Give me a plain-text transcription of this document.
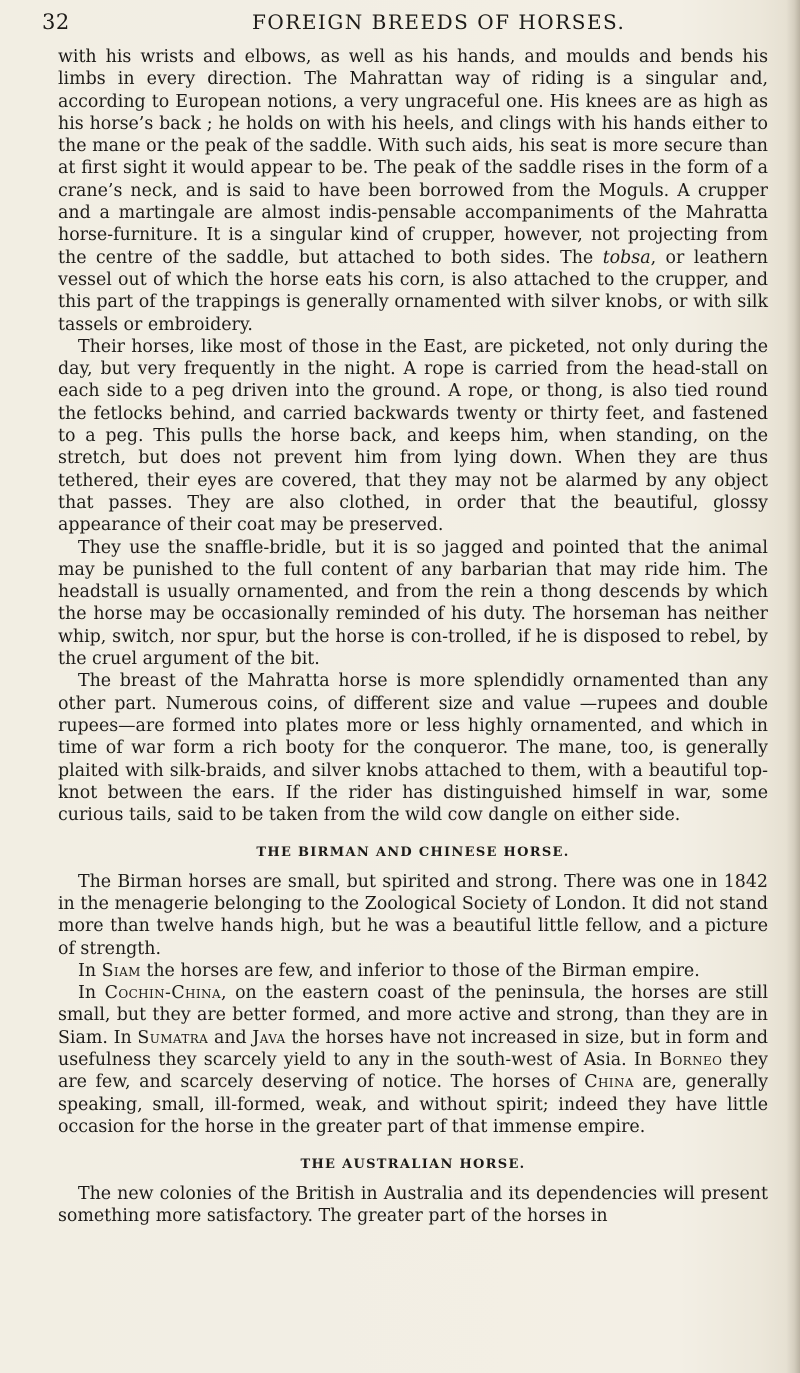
32	FOREIGN BREEDS OF HORSES.

with his wrists and elbows, as well as his hands, and moulds and bends his limbs in every direction. The Mahrattan way of riding is a singular and, according to European notions, a very ungraceful one. His knees are as high as his horse’s back ; he holds on with his heels, and clings with his hands either to the mane or the peak of the saddle. With such aids, his seat is more secure than at first sight it would appear to be. The peak of the saddle rises in the form of a crane’s neck, and is said to have been borrowed from the Moguls. A crupper and a martingale are almost indis-pensable accompaniments of the Mahratta horse-furniture. It is a singular kind of crupper, however, not projecting from the centre of the saddle, but attached to both sides. The tobsa, or leathern vessel out of which the horse eats his corn, is also attached to the crupper, and this part of the trappings is generally ornamented with silver knobs, or with silk tassels or embroidery.

Their horses, like most of those in the East, are picketed, not only during the day, but very frequently in the night. A rope is carried from the head-stall on each side to a peg driven into the ground. A rope, or thong, is also tied round the fetlocks behind, and carried backwards twenty or thirty feet, and fastened to a peg. This pulls the horse back, and keeps him, when standing, on the stretch, but does not prevent him from lying down. When they are thus tethered, their eyes are covered, that they may not be alarmed by any object that passes. They are also clothed, in order that the beautiful, glossy appearance of their coat may be preserved.

They use the snaffle-bridle, but it is so jagged and pointed that the animal may be punished to the full content of any barbarian that may ride him. The headstall is usually ornamented, and from the rein a thong descends by which the horse may be occasionally reminded of his duty. The horseman has neither whip, switch, nor spur, but the horse is con-trolled, if he is disposed to rebel, by the cruel argument of the bit.

The breast of the Mahratta horse is more splendidly ornamented than any other part. Numerous coins, of different size and value —rupees and double rupees—are formed into plates more or less highly ornamented, and which in time of war form a rich booty for the conqueror. The mane, too, is generally plaited with silk-braids, and silver knobs attached to them, with a beautiful top-knot between the ears. If the rider has distinguished himself in war, some curious tails, said to be taken from the wild cow dangle on either side.

THE BIRMAN AND CHINESE HORSE.

The Birman horses are small, but spirited and strong. There was one in 1842 in the menagerie belonging to the Zoological Society of London. It did not stand more than twelve hands high, but he was a beautiful little fellow, and a picture of strength.

In Siam the horses are few, and inferior to those of the Birman empire.

In Cochin-China, on the eastern coast of the peninsula, the horses are still small, but they are better formed, and more active and strong, than they are in Siam. In Sumatra and Java the horses have not increased in size, but in form and usefulness they scarcely yield to any in the south-west of Asia. In Borneo they are few, and scarcely deserving of notice. The horses of China are, generally speaking, small, ill-formed, weak, and without spirit; indeed they have little occasion for the horse in the greater part of that immense empire.

THE AUSTRALIAN HORSE.

The new colonies of the British in Australia and its dependencies will present something more satisfactory. The greater part of the horses in
